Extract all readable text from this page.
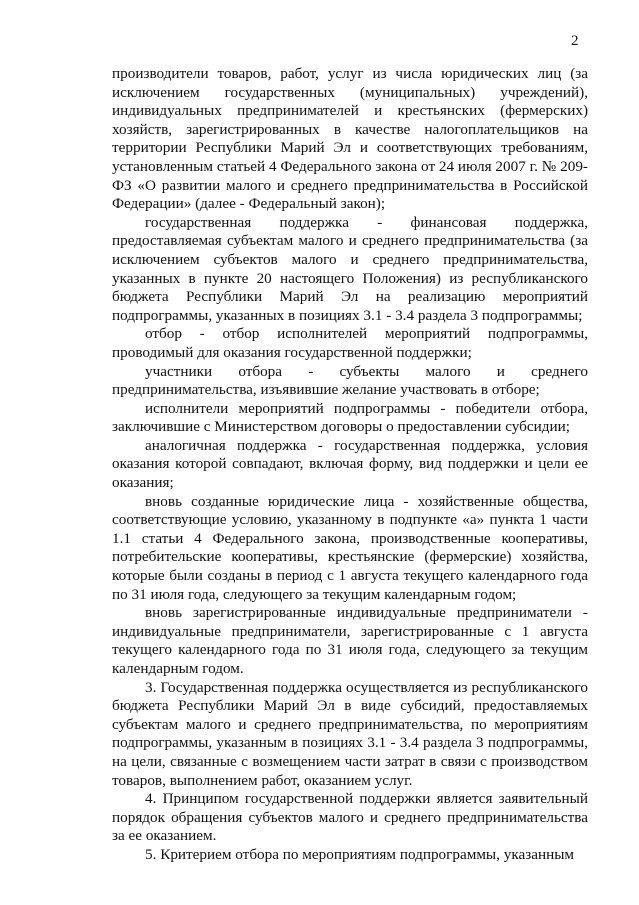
2

производители товаров, работ, услуг из числа юридических лиц (за исключением государственных (муниципальных) учреждений), индивидуальных предпринимателей и крестьянских (фермерских) хозяйств, зарегистрированных в качестве налогоплательщиков на территории Республики Марий Эл и соответствующих требованиям, установленным статьей 4 Федерального закона от 24 июля 2007 г. № 209-ФЗ «О развитии малого и среднего предпринимательства в Российской Федерации» (далее - Федеральный закон);

государственная поддержка - финансовая поддержка, предоставляемая субъектам малого и среднего предпринимательства (за исключением субъектов малого и среднего предпринимательства, указанных в пункте 20 настоящего Положения) из республиканского бюджета Республики Марий Эл на реализацию мероприятий подпрограммы, указанных в позициях 3.1 - 3.4 раздела 3 подпрограммы;

отбор - отбор исполнителей мероприятий подпрограммы, проводимый для оказания государственной поддержки;

участники отбора - субъекты малого и среднего предпринимательства, изъявившие желание участвовать в отборе;

исполнители мероприятий подпрограммы - победители отбора, заключившие с Министерством договоры о предоставлении субсидии;

аналогичная поддержка - государственная поддержка, условия оказания которой совпадают, включая форму, вид поддержки и цели ее оказания;

вновь созданные юридические лица - хозяйственные общества, соответствующие условию, указанному в подпункте «а» пункта 1 части 1.1 статьи 4 Федерального закона, производственные кооперативы, потребительские кооперативы, крестьянские (фермерские) хозяйства, которые были созданы в период с 1 августа текущего календарного года по 31 июля года, следующего за текущим календарным годом;

вновь зарегистрированные индивидуальные предприниматели - индивидуальные предприниматели, зарегистрированные с 1 августа текущего календарного года по 31 июля года, следующего за текущим календарным годом.

3. Государственная поддержка осуществляется из республиканского бюджета Республики Марий Эл в виде субсидий, предоставляемых субъектам малого и среднего предпринимательства, по мероприятиям подпрограммы, указанным в позициях 3.1 - 3.4 раздела 3 подпрограммы, на цели, связанные с возмещением части затрат в связи с производством товаров, выполнением работ, оказанием услуг.

4. Принципом государственной поддержки является заявительный порядок обращения субъектов малого и среднего предпринимательства за ее оказанием.

5. Критерием отбора по мероприятиям подпрограммы, указанным
